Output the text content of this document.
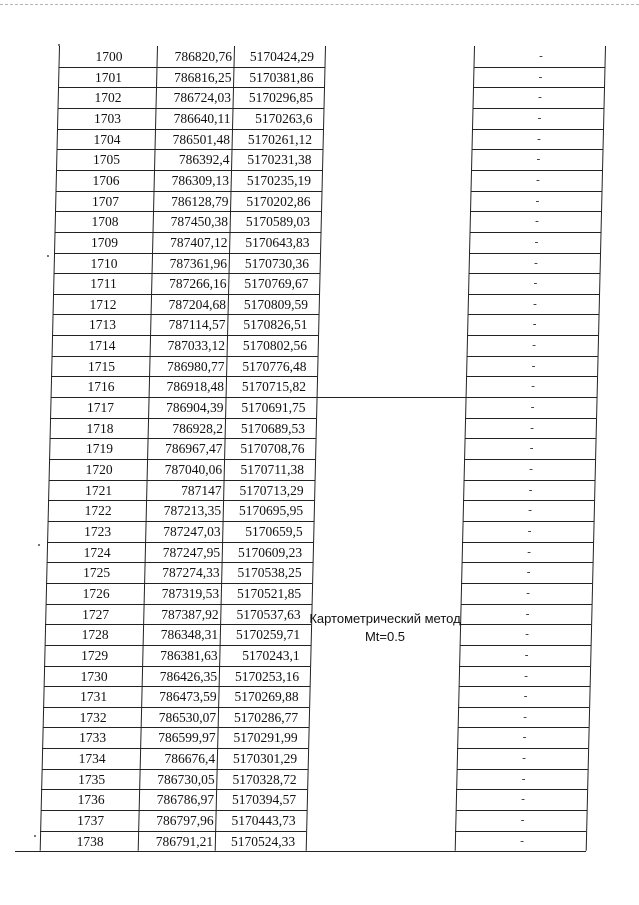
1700	786820,76	5170424,29	-
1701	786816,25	5170381,86	-
1702	786724,03	5170296,85	-
1703	786640,11	5170263,6	-
1704	786501,48	5170261,12	-
1705	786392,4	5170231,38	-
1706	786309,13	5170235,19	-
1707	786128,79	5170202,86	-
1708	787450,38	5170589,03	-
1709	787407,12	5170643,83	-
1710	787361,96	5170730,36	-
1711	787266,16	5170769,67	-
1712	787204,68	5170809,59	-
1713	787114,57	5170826,51	-
1714	787033,12	5170802,56	-
1715	786980,77	5170776,48	-
1716	786918,48	5170715,82	-
1717	786904,39	5170691,75	-
1718	786928,2	5170689,53	-
1719	786967,47	5170708,76	-
1720	787040,06	5170711,38	-
1721	787147	5170713,29	-
1722	787213,35	5170695,95	-
1723	787247,03	5170659,5	-
1724	787247,95	5170609,23	-
1725	787274,33	5170538,25	-
1726	787319,53	5170521,85	-
1727	787387,92	5170537,63	-
1728	786348,31	5170259,71	-
1729	786381,63	5170243,1	-
1730	786426,35	5170253,16	-
1731	786473,59	5170269,88	-
1732	786530,07	5170286,77	-
1733	786599,97	5170291,99	-
1734	786676,4	5170301,29	-
1735	786730,05	5170328,72	-
1736	786786,97	5170394,57	-
1737	786797,96	5170443,73	-
1738	786791,21	5170524,33	-
Картометрический метод Mt=0.5
